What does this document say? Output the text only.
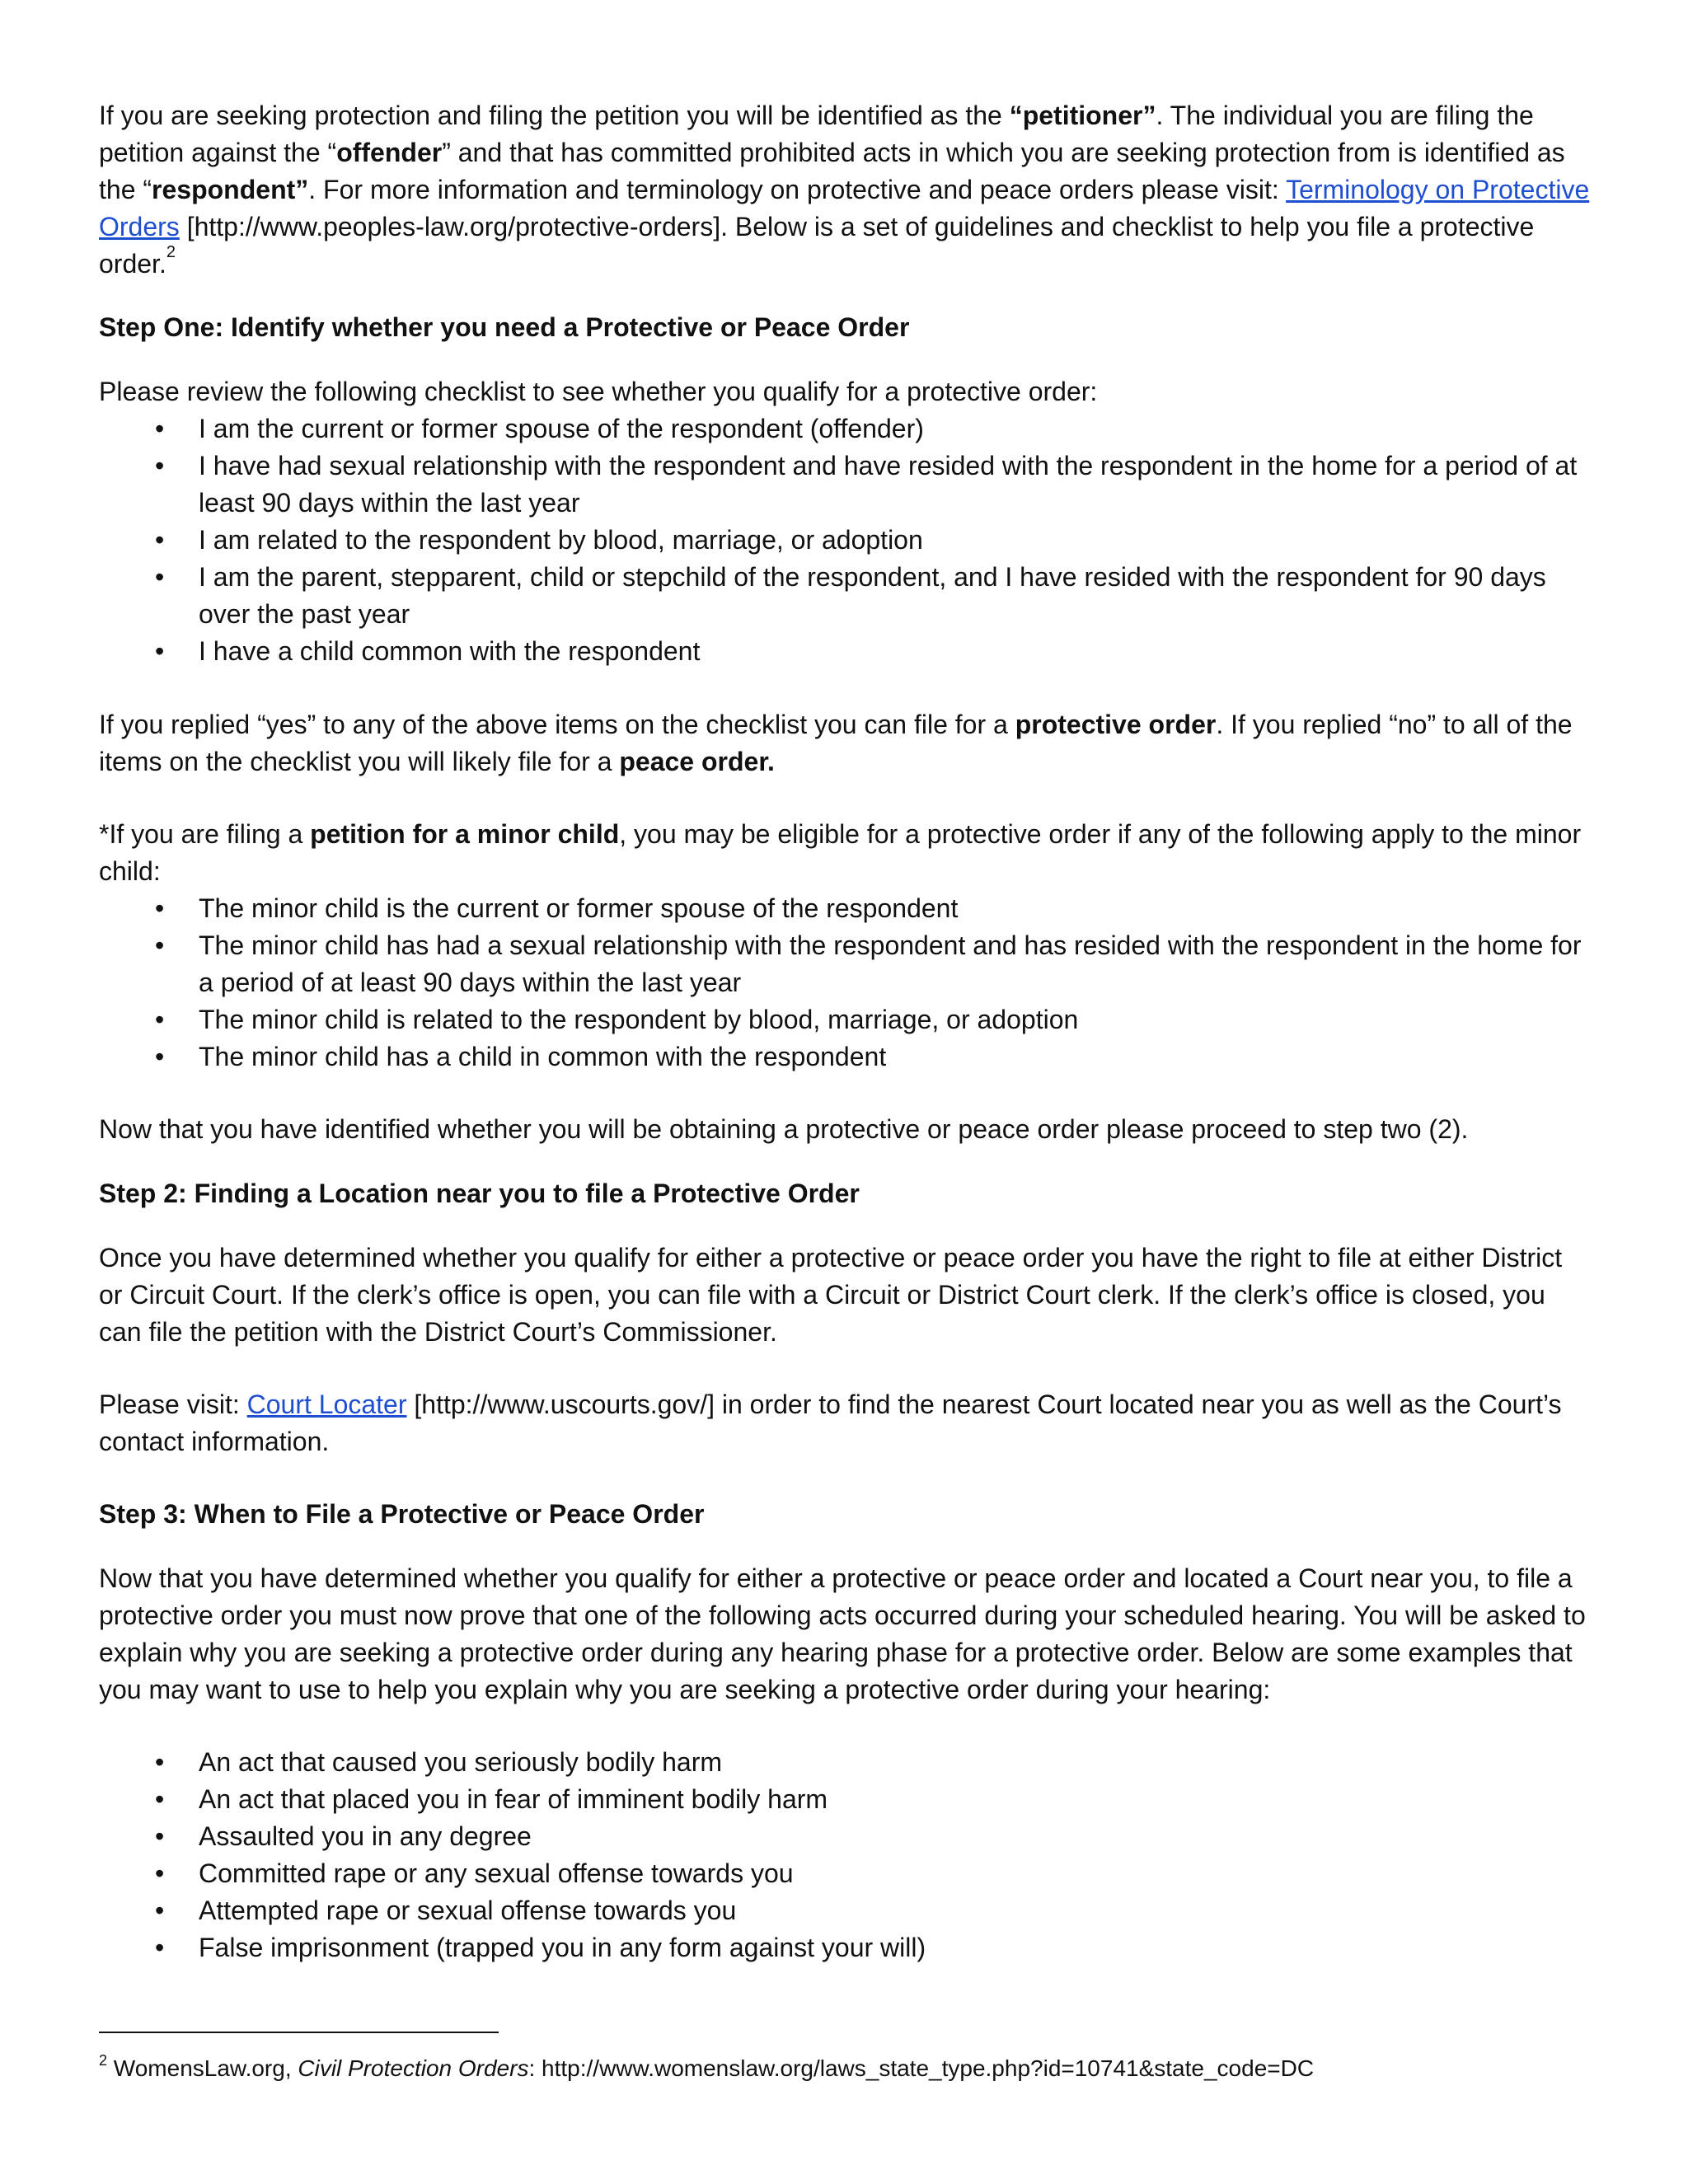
If you are seeking protection and filing the petition you will be identified as the “petitioner”. The individual you are filing the petition against the “offender” and that has committed prohibited acts in which you are seeking protection from is identified as the “respondent”. For more information and terminology on protective and peace orders please visit: Terminology on Protective Orders [http://www.peoples-law.org/protective-orders]. Below is a set of guidelines and checklist to help you file a protective order.$^2$

Step One: Identify whether you need a Protective or Peace Order

Please review the following checklist to see whether you qualify for a protective order:

• I am the current or former spouse of the respondent (offender)
• I have had sexual relationship with the respondent and have resided with the respondent in the home for a period of at least 90 days within the last year
• I am related to the respondent by blood, marriage, or adoption
• I am the parent, stepparent, child or stepchild of the respondent, and I have resided with the respondent for 90 days over the past year
• I have a child common with the respondent

If you replied “yes” to any of the above items on the checklist you can file for a protective order. If you replied “no” to all of the items on the checklist you will likely file for a peace order.

*If you are filing a petition for a minor child, you may be eligible for a protective order if any of the following apply to the minor child:

• The minor child is the current or former spouse of the respondent
• The minor child has had a sexual relationship with the respondent and has resided with the respondent in the home for a period of at least 90 days within the last year
• The minor child is related to the respondent by blood, marriage, or adoption
• The minor child has a child in common with the respondent

Now that you have identified whether you will be obtaining a protective or peace order please proceed to step two (2).

Step 2: Finding a Location near you to file a Protective Order

Once you have determined whether you qualify for either a protective or peace order you have the right to file at either District or Circuit Court. If the clerk’s office is open, you can file with a Circuit or District Court clerk. If the clerk’s office is closed, you can file the petition with the District Court’s Commissioner.

Please visit: Court Locater [http://www.uscourts.gov/] in order to find the nearest Court located near you as well as the Court’s contact information.

Step 3: When to File a Protective or Peace Order

Now that you have determined whether you qualify for either a protective or peace order and located a Court near you, to file a protective order you must now prove that one of the following acts occurred during your scheduled hearing. You will be asked to explain why you are seeking a protective order during any hearing phase for a protective order. Below are some examples that you may want to use to help you explain why you are seeking a protective order during your hearing:

• An act that caused you seriously bodily harm
• An act that placed you in fear of imminent bodily harm
• Assaulted you in any degree
• Committed rape or any sexual offense towards you
• Attempted rape or sexual offense towards you
• False imprisonment (trapped you in any form against your will)
$^2$ WomensLaw.org, Civil Protection Orders: http://www.womenslaw.org/laws_state_type.php?id=10741&state_code=DC
